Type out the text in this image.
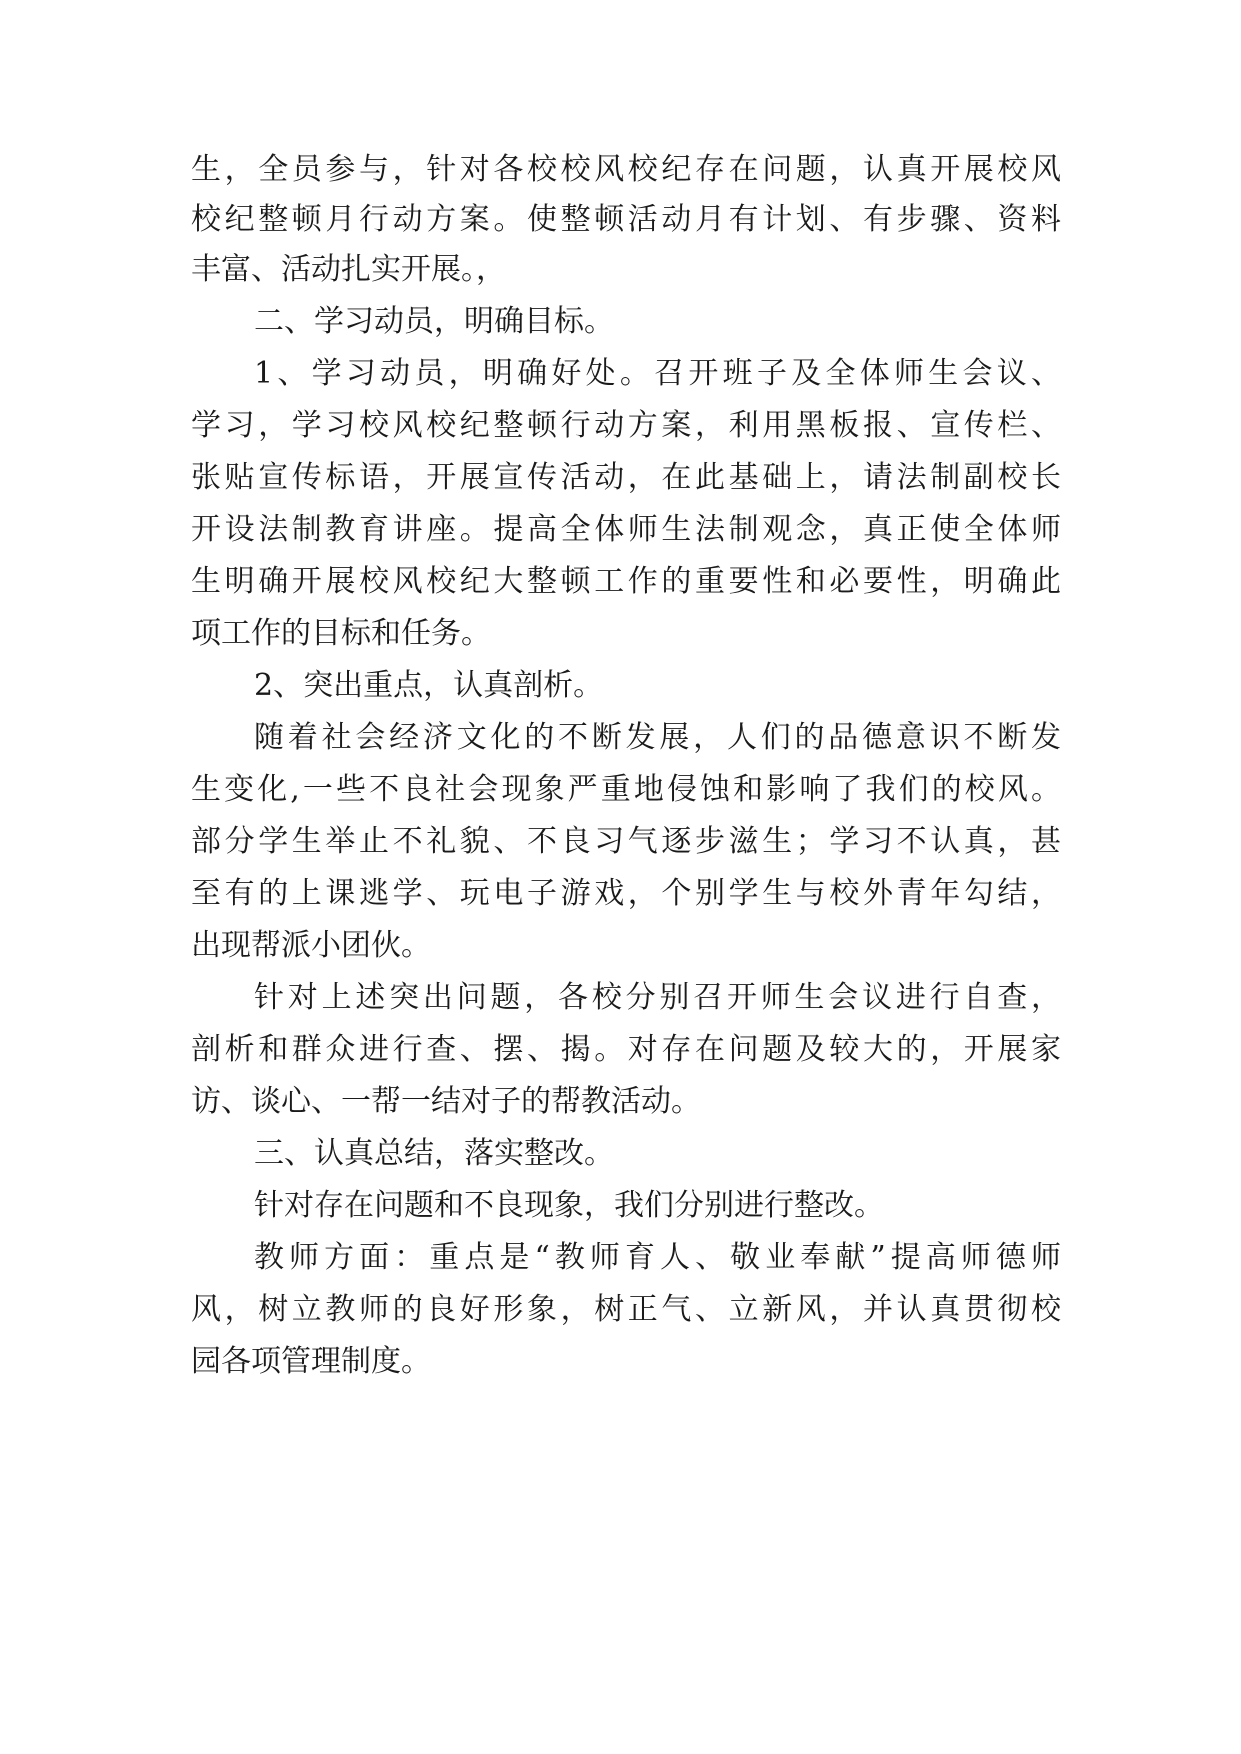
生，全员参与，针对各校校风校纪存在问题，认真开展校风
校纪整顿月行动方案。使整顿活动月有计划、有步骤、资料
丰富、活动扎实开展。，
二、学习动员，明确目标。
1、学习动员，明确好处。召开班子及全体师生会议、
学习，学习校风校纪整顿行动方案，利用黑板报、宣传栏、
张贴宣传标语，开展宣传活动，在此基础上，请法制副校长
开设法制教育讲座。提高全体师生法制观念，真正使全体师
生明确开展校风校纪大整顿工作的重要性和必要性，明确此
项工作的目标和任务。
2、突出重点，认真剖析。
随着社会经济文化的不断发展，人们的品德意识不断发
生变化,一些不良社会现象严重地侵蚀和影响了我们的校风。
部分学生举止不礼貌、不良习气逐步滋生；学习不认真，甚
至有的上课逃学、玩电子游戏，个别学生与校外青年勾结，
出现帮派小团伙。
针对上述突出问题，各校分别召开师生会议进行自查，
剖析和群众进行查、摆、揭。对存在问题及较大的，开展家
访、谈心、一帮一结对子的帮教活动。
三、认真总结，落实整改。
针对存在问题和不良现象，我们分别进行整改。
教师方面：重点是“教师育人、敬业奉献”提高师德师
风，树立教师的良好形象，树正气、立新风，并认真贯彻校
园各项管理制度。
